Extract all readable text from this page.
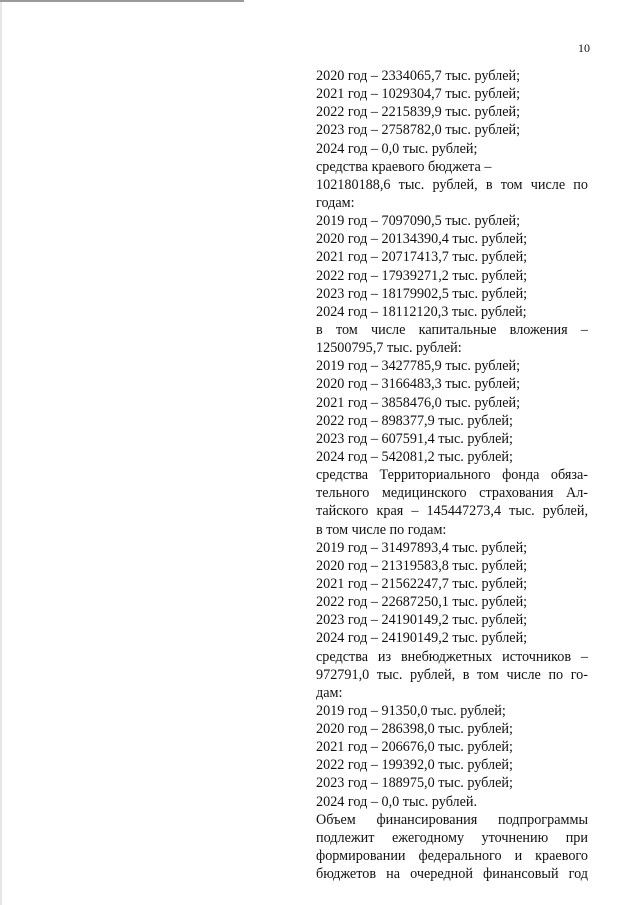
10
2020 год – 2334065,7 тыс. рублей;
2021 год – 1029304,7 тыс. рублей;
2022 год – 2215839,9 тыс. рублей;
2023 год – 2758782,0 тыс. рублей;
2024 год – 0,0 тыс. рублей;
средства краевого бюджета –
102180188,6 тыс. рублей, в том числе по
годам:
2019 год – 7097090,5 тыс. рублей;
2020 год – 20134390,4 тыс. рублей;
2021 год – 20717413,7 тыс. рублей;
2022 год – 17939271,2 тыс. рублей;
2023 год – 18179902,5 тыс. рублей;
2024 год – 18112120,3 тыс. рублей;
в том числе капитальные вложения –
12500795,7 тыс. рублей:
2019 год – 3427785,9 тыс. рублей;
2020 год – 3166483,3 тыс. рублей;
2021 год – 3858476,0 тыс. рублей;
2022 год – 898377,9 тыс. рублей;
2023 год – 607591,4 тыс. рублей;
2024 год – 542081,2 тыс. рублей;
средства Территориального фонда обяза-
тельного медицинского страхования Ал-
тайского края – 145447273,4 тыс. рублей,
в том числе по годам:
2019 год – 31497893,4 тыс. рублей;
2020 год – 21319583,8 тыс. рублей;
2021 год – 21562247,7 тыс. рублей;
2022 год – 22687250,1 тыс. рублей;
2023 год – 24190149,2 тыс. рублей;
2024 год – 24190149,2 тыс. рублей;
средства из внебюджетных источников –
972791,0 тыс. рублей, в том числе по го-
дам:
2019 год – 91350,0 тыс. рублей;
2020 год – 286398,0 тыс. рублей;
2021 год – 206676,0 тыс. рублей;
2022 год – 199392,0 тыс. рублей;
2023 год – 188975,0 тыс. рублей;
2024 год – 0,0 тыс. рублей.
Объем финансирования подпрограммы
подлежит ежегодному уточнению при
формировании федерального и краевого
бюджетов на очередной финансовый год
